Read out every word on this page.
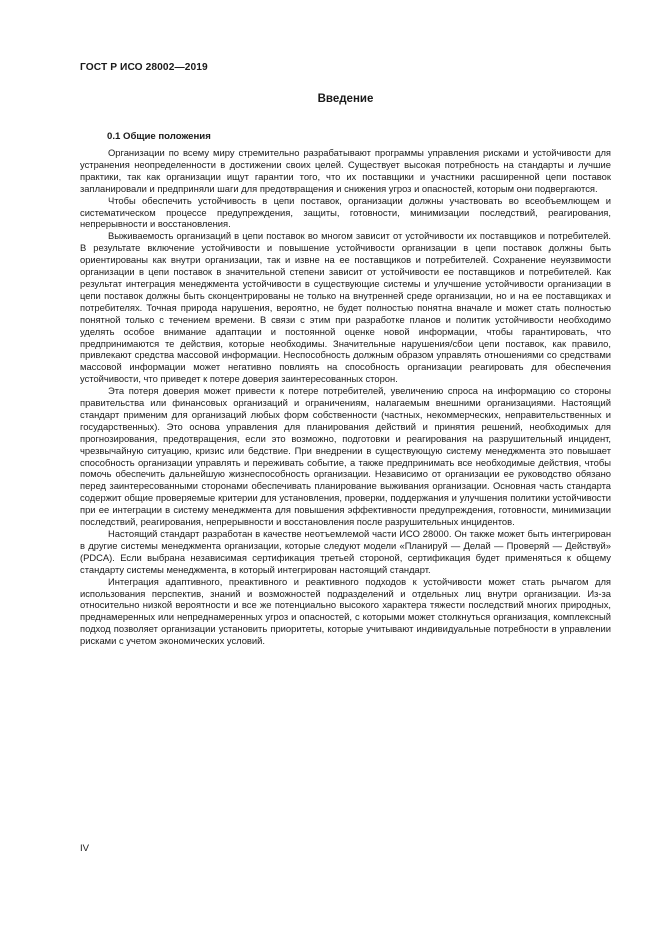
ГОСТ Р ИСО 28002—2019
Введение
0.1 Общие положения

Организации по всему миру стремительно разрабатывают программы управления рисками и устойчивости для устранения неопределенности в достижении своих целей. Существует высокая потребность на стандарты и лучшие практики, так как организации ищут гарантии того, что их поставщики и участники расширенной цепи поставок запланировали и предприняли шаги для предотвращения и снижения угроз и опасностей, которым они подвергаются.

Чтобы обеспечить устойчивость в цепи поставок, организации должны участвовать во всеобъемлющем и систематическом процессе предупреждения, защиты, готовности, минимизации последствий, реагирования, непрерывности и восстановления.

Выживаемость организаций в цепи поставок во многом зависит от устойчивости их поставщиков и потребителей. В результате включение устойчивости и повышение устойчивости организации в цепи поставок должны быть ориентированы как внутри организации, так и извне на ее поставщиков и потребителей. Сохранение неуязвимости организации в цепи поставок в значительной степени зависит от устойчивости ее поставщиков и потребителей. Как результат интеграция менеджмента устойчивости в существующие системы и улучшение устойчивости организации в цепи поставок должны быть сконцентрированы не только на внутренней среде организации, но и на ее поставщиках и потребителях. Точная природа нарушения, вероятно, не будет полностью понятна вначале и может стать полностью понятной только с течением времени. В связи с этим при разработке планов и политик устойчивости необходимо уделять особое внимание адаптации и постоянной оценке новой информации, чтобы гарантировать, что предпринимаются те действия, которые необходимы. Значительные нарушения/сбои цепи поставок, как правило, привлекают средства массовой информации. Неспособность должным образом управлять отношениями со средствами массовой информации может негативно повлиять на способность организации реагировать для обеспечения устойчивости, что приведет к потере доверия заинтересованных сторон.

Эта потеря доверия может привести к потере потребителей, увеличению спроса на информацию со стороны правительства или финансовых организаций и ограничениям, налагаемым внешними организациями. Настоящий стандарт применим для организаций любых форм собственности (частных, некоммерческих, неправительственных и государственных). Это основа управления для планирования действий и принятия решений, необходимых для прогнозирования, предотвращения, если это возможно, подготовки и реагирования на разрушительный инцидент, чрезвычайную ситуацию, кризис или бедствие. При внедрении в существующую систему менеджмента это повышает способность организации управлять и переживать событие, а также предпринимать все необходимые действия, чтобы помочь обеспечить дальнейшую жизнеспособность организации. Независимо от организации ее руководство обязано перед заинтересованными сторонами обеспечивать планирование выживания организации. Основная часть стандарта содержит общие проверяемые критерии для установления, проверки, поддержания и улучшения политики устойчивости при ее интеграции в систему менеджмента для повышения эффективности предупреждения, готовности, минимизации последствий, реагирования, непрерывности и восстановления после разрушительных инцидентов.

Настоящий стандарт разработан в качестве неотъемлемой части ИСО 28000. Он также может быть интегрирован в другие системы менеджмента организации, которые следуют модели «Планируй — Делай — Проверяй — Действуй» (PDCA). Если выбрана независимая сертификация третьей стороной, сертификация будет применяться к общему стандарту системы менеджмента, в который интегрирован настоящий стандарт.

Интеграция адаптивного, преактивного и реактивного подходов к устойчивости может стать рычагом для использования перспектив, знаний и возможностей подразделений и отдельных лиц внутри организации. Из-за относительно низкой вероятности и все же потенциально высокого характера тяжести последствий многих природных, преднамеренных или непреднамеренных угроз и опасностей, с которыми может столкнуться организация, комплексный подход позволяет организации установить приоритеты, которые учитывают индивидуальные потребности в управлении рисками с учетом экономических условий.

IV
